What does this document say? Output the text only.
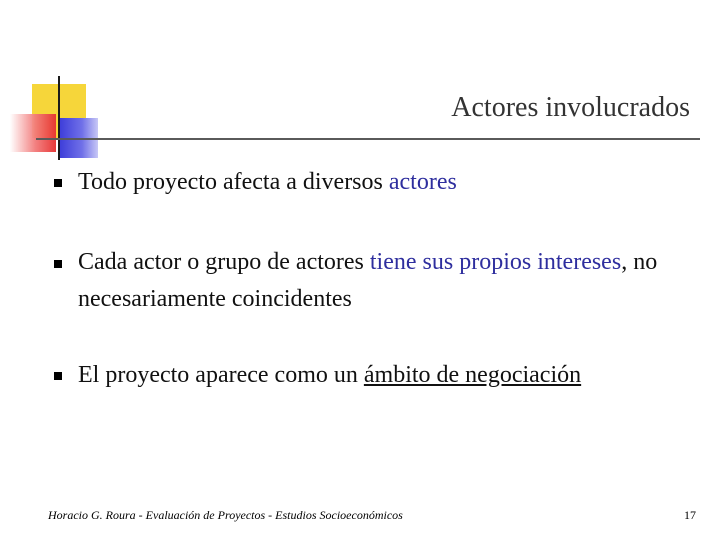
Actores involucrados
Todo proyecto afecta a diversos actores
Cada actor o grupo de actores tiene sus propios intereses, no necesariamente coincidentes
El proyecto aparece como un ámbito de negociación
Horacio G. Roura - Evaluación de Proyectos - Estudios Socioeconómicos	17
